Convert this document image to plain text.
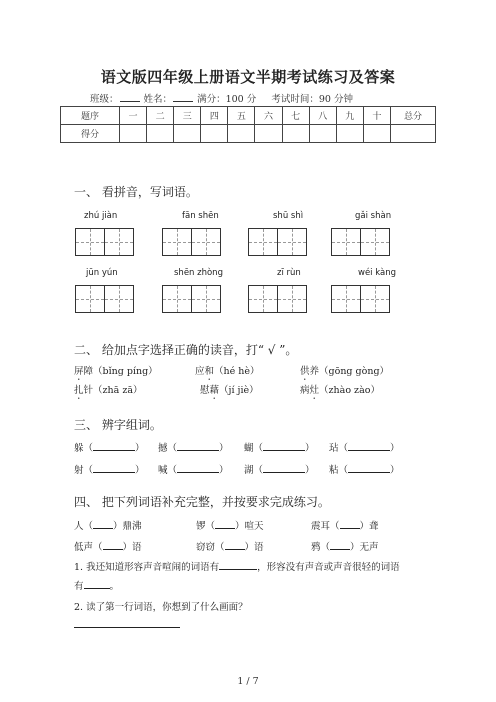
语文版四年级上册语文半期考试练习及答案
班级：	姓名：	满分：100 分 考试时间：90 分钟
题序	一	二	三	四	五	六	七	八	九	十	总分
得分											
一、 看拼音，写词语。
zhú jiàn	fān shēn	shū shì	gǎi shàn
jūn yún	shēn zhòng	zī rùn	wéi kàng
二、 给加点字选择正确的读音，打“ √ ”。
屏障（bǐng píng）	应和（hé hè）	供养（gōng gòng）
扎针（zhā zā）	慰藉（jí jiè）	病灶（zhào zào）
三、 辨字组词。
躲（	） 撼（	） 蝴（	） 玷（	）
射（	） 喊（	） 湖（	） 粘（	）
四、 把下列词语补充完整，并按要求完成练习。
人（ ）鼎沸	锣（ ）喧天	震耳（ ）聋
低声（ ）语	窃窃（ ）语	鸦（ ）无声
1. 我还知道形容声音喧闹的词语有	，形容没有声音或声音很轻的词语
有	。
2. 读了第一行词语，你想到了什么画面？
1 / 7
